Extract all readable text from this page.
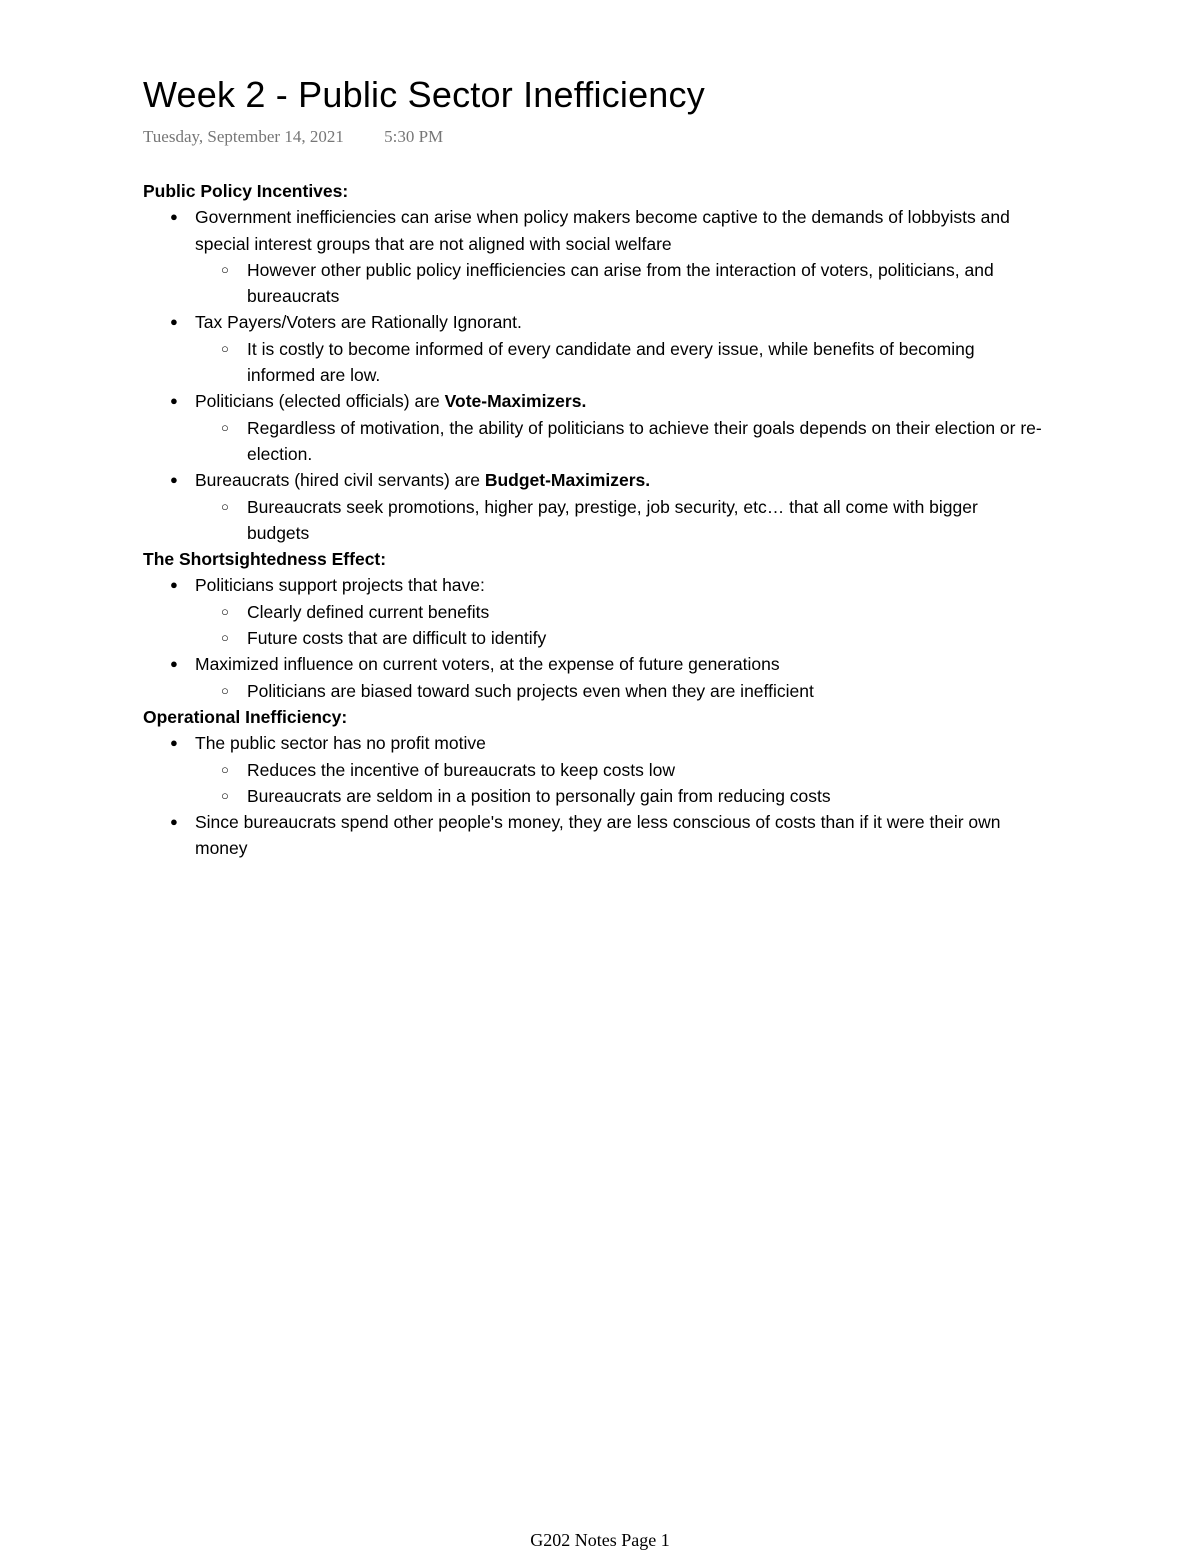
Week 2 - Public Sector Inefficiency
Tuesday, September 14, 2021 5:30 PM
Public Policy Incentives:
● Government inefficiencies can arise when policy makers become captive to the demands of lobbyists and special interest groups that are not aligned with social welfare
○ However other public policy inefficiencies can arise from the interaction of voters, politicians, and bureaucrats
● Tax Payers/Voters are Rationally Ignorant.
○ It is costly to become informed of every candidate and every issue, while benefits of becoming informed are low.
● Politicians (elected officials) are Vote-Maximizers.
○ Regardless of motivation, the ability of politicians to achieve their goals depends on their election or re-election.
● Bureaucrats (hired civil servants) are Budget-Maximizers.
○ Bureaucrats seek promotions, higher pay, prestige, job security, etc… that all come with bigger budgets
The Shortsightedness Effect:
● Politicians support projects that have:
○ Clearly defined current benefits
○ Future costs that are difficult to identify
● Maximized influence on current voters, at the expense of future generations
○ Politicians are biased toward such projects even when they are inefficient
Operational Inefficiency:
● The public sector has no profit motive
○ Reduces the incentive of bureaucrats to keep costs low
○ Bureaucrats are seldom in a position to personally gain from reducing costs
● Since bureaucrats spend other people's money, they are less conscious of costs than if it were their own money
G202 Notes Page 1
